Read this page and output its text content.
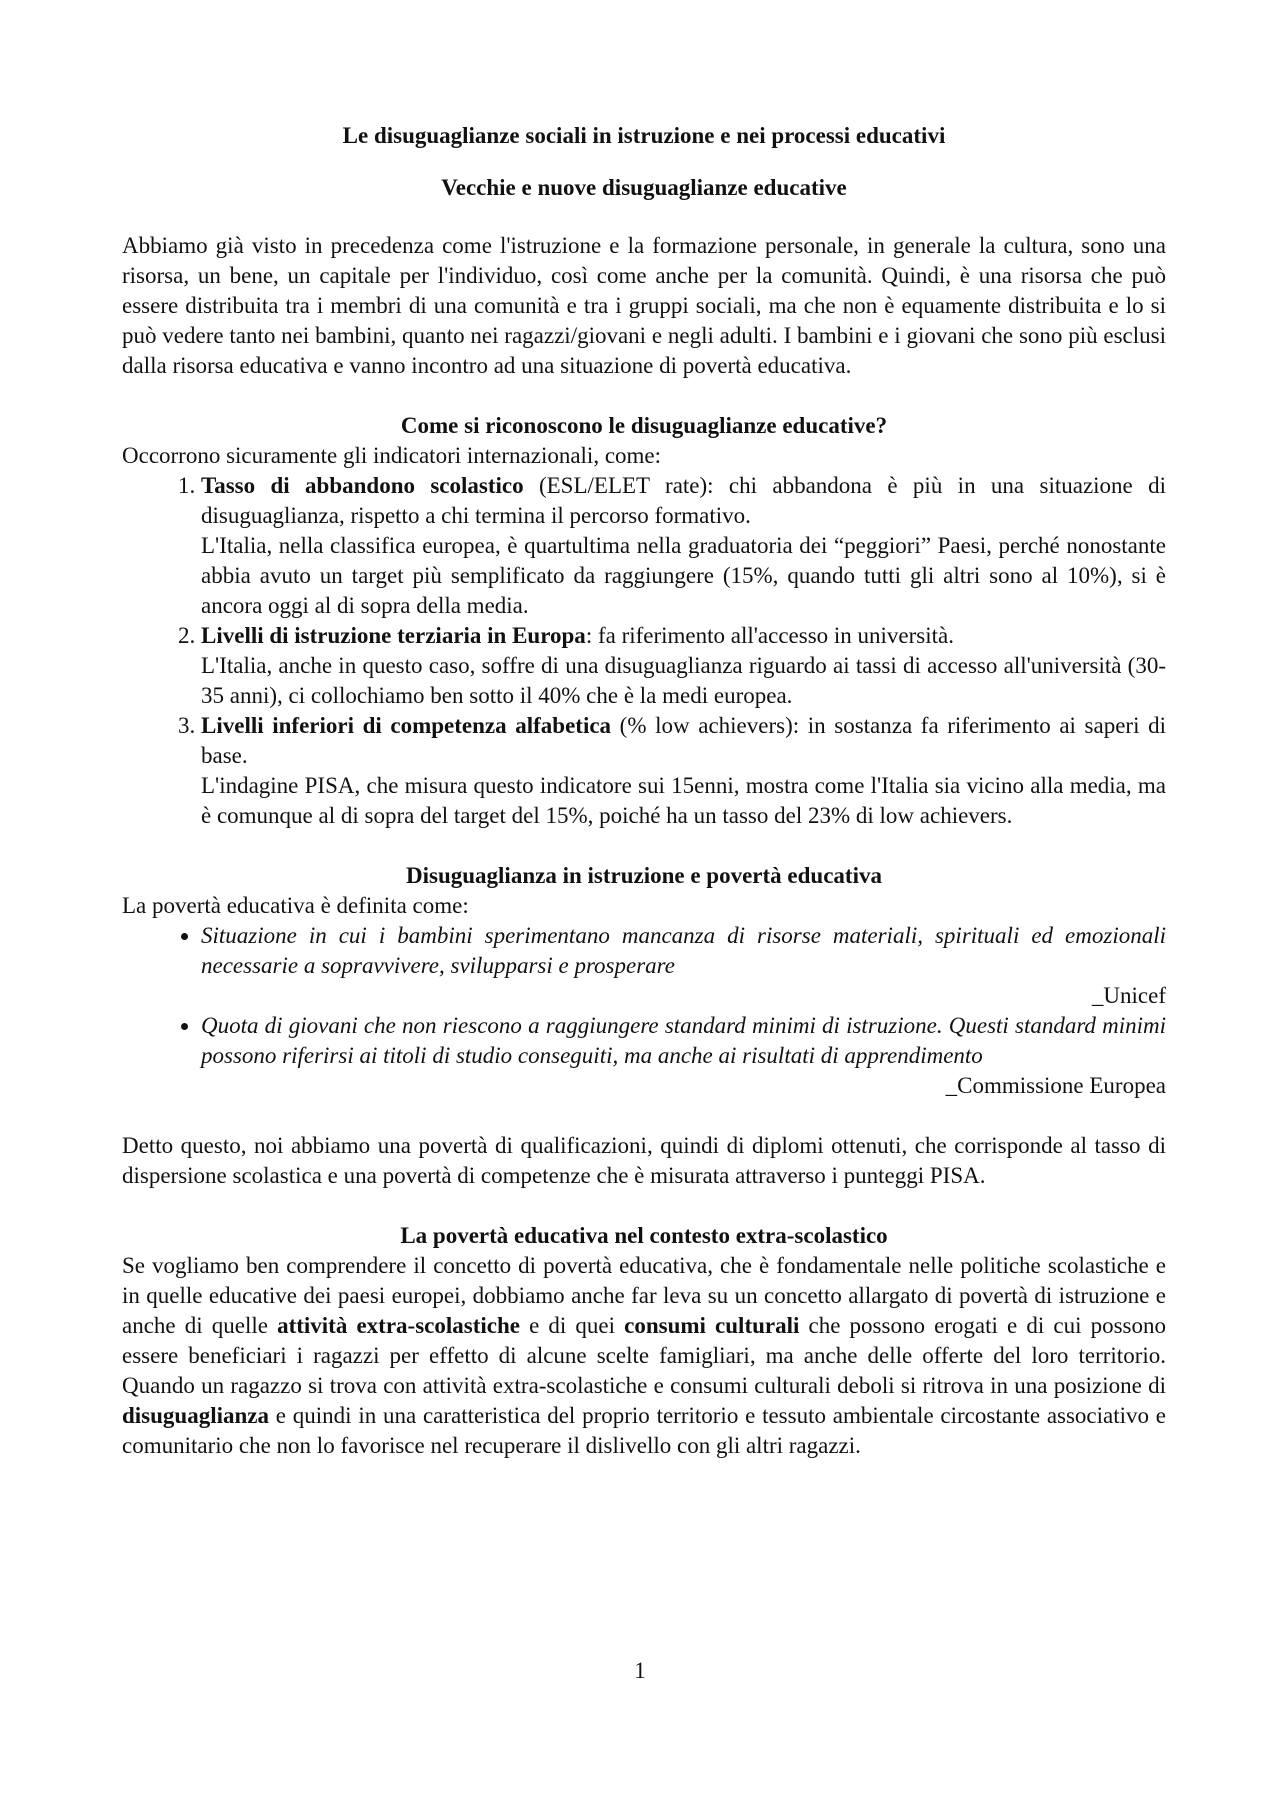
Le disuguaglianze sociali in istruzione e nei processi educativi
Vecchie e nuove disuguaglianze educative

Abbiamo già visto in precedenza come l'istruzione e la formazione personale, in generale la cultura, sono una risorsa, un bene, un capitale per l'individuo, così come anche per la comunità. Quindi, è una risorsa che può essere distribuita tra i membri di una comunità e tra i gruppi sociali, ma che non è equamente distribuita e lo si può vedere tanto nei bambini, quanto nei ragazzi/giovani e negli adulti. I bambini e i giovani che sono più esclusi dalla risorsa educativa e vanno incontro ad una situazione di povertà educativa.

Come si riconoscono le disuguaglianze educative?

Occorrono sicuramente gli indicatori internazionali, come:

1. Tasso di abbandono scolastico (ESL/ELET rate): chi abbandona è più in una situazione di disuguaglianza, rispetto a chi termina il percorso formativo.
L'Italia, nella classifica europea, è quartultima nella graduatoria dei “peggiori” Paesi, perché nonostante abbia avuto un target più semplificato da raggiungere (15%, quando tutti gli altri sono al 10%), si è ancora oggi al di sopra della media.
2. Livelli di istruzione terziaria in Europa: fa riferimento all'accesso in università.
L'Italia, anche in questo caso, soffre di una disuguaglianza riguardo ai tassi di accesso all'università (30-35 anni), ci collochiamo ben sotto il 40% che è la medi europea.
3. Livelli inferiori di competenza alfabetica (% low achievers): in sostanza fa riferimento ai saperi di base.
L'indagine PISA, che misura questo indicatore sui 15enni, mostra come l'Italia sia vicino alla media, ma è comunque al di sopra del target del 15%, poiché ha un tasso del 23% di low achievers.
Disuguaglianza in istruzione e povertà educativa

La povertà educativa è definita come:

• Situazione in cui i bambini sperimentano mancanza di risorse materiali, spirituali ed emozionali necessarie a sopravvivere, svilupparsi e prosperare
_Unicef
• Quota di giovani che non riescono a raggiungere standard minimi di istruzione. Questi standard minimi possono riferirsi ai titoli di studio conseguiti, ma anche ai risultati di apprendimento
_Commissione Europea

Detto questo, noi abbiamo una povertà di qualificazioni, quindi di diplomi ottenuti, che corrisponde al tasso di dispersione scolastica e una povertà di competenze che è misurata attraverso i punteggi PISA.

La povertà educativa nel contesto extra-scolastico

Se vogliamo ben comprendere il concetto di povertà educativa, che è fondamentale nelle politiche scolastiche e in quelle educative dei paesi europei, dobbiamo anche far leva su un concetto allargato di povertà di istruzione e anche di quelle attività extra-scolastiche e di quei consumi culturali che possono erogati e di cui possono essere beneficiari i ragazzi per effetto di alcune scelte famigliari, ma anche delle offerte del loro territorio. Quando un ragazzo si trova con attività extra-scolastiche e consumi culturali deboli si ritrova in una posizione di disuguaglianza e quindi in una caratteristica del proprio territorio e tessuto ambientale circostante associativo e comunitario che non lo favorisce nel recuperare il dislivello con gli altri ragazzi.

1
